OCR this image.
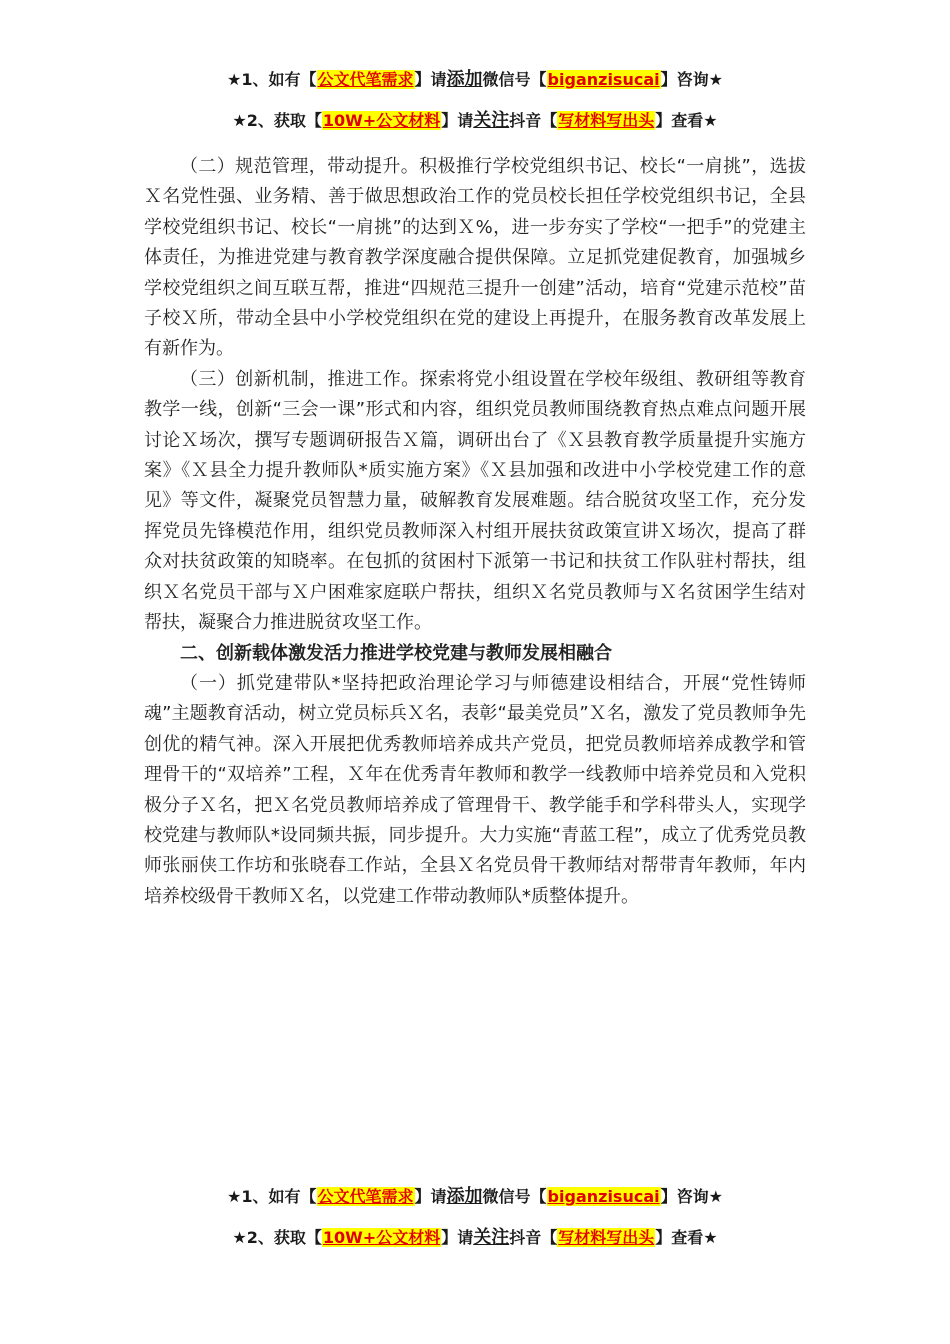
★1、如有【公文代笔需求】请添加微信号【biganzisucai】咨询★
★2、获取【10W+公文材料】请关注抖音【写材料写出头】查看★

（二）规范管理，带动提升。积极推行学校党组织书记、校长“一肩挑”，选拔Ｘ名党性强、业务精、善于做思想政治工作的党员校长担任学校党组织书记，全县学校党组织书记、校长“一肩挑”的达到Ｘ%，进一步夯实了学校“一把手”的党建主体责任，为推进党建与教育教学深度融合提供保障。立足抓党建促教育，加强城乡学校党组织之间互联互帮，推进“四规范三提升一创建”活动，培育“党建示范校”苗子校Ｘ所，带动全县中小学校党组织在党的建设上再提升，在服务教育改革发展上有新作为。

（三）创新机制，推进工作。探索将党小组设置在学校年级组、教研组等教育教学一线，创新“三会一课”形式和内容，组织党员教师围绕教育热点难点问题开展讨论Ｘ场次，撰写专题调研报告Ｘ篇，调研出台了《Ｘ县教育教学质量提升实施方案》《Ｘ县全力提升教师队*质实施方案》《Ｘ县加强和改进中小学校党建工作的意见》等文件，凝聚党员智慧力量，破解教育发展难题。结合脱贫攻坚工作，充分发挥党员先锋模范作用，组织党员教师深入村组开展扶贫政策宣讲Ｘ场次，提高了群众对扶贫政策的知晓率。在包抓的贫困村下派第一书记和扶贫工作队驻村帮扶，组织Ｘ名党员干部与Ｘ户困难家庭联户帮扶，组织Ｘ名党员教师与Ｘ名贫困学生结对帮扶，凝聚合力推进脱贫攻坚工作。

二、创新载体激发活力推进学校党建与教师发展相融合

（一）抓党建带队*坚持把政治理论学习与师德建设相结合，开展“党性铸师魂”主题教育活动，树立党员标兵Ｘ名，表彰“最美党员”Ｘ名，激发了党员教师争先创优的精气神。深入开展把优秀教师培养成共产党员，把党员教师培养成教学和管理骨干的“双培养”工程，Ｘ年在优秀青年教师和教学一线教师中培养党员和入党积极分子Ｘ名，把Ｘ名党员教师培养成了管理骨干、教学能手和学科带头人，实现学校党建与教师队*设同频共振，同步提升。大力实施“青蓝工程”，成立了优秀党员教师张丽侠工作坊和张晓春工作站，全县Ｘ名党员骨干教师结对帮带青年教师，年内培养校级骨干教师Ｘ名，以党建工作带动教师队*质整体提升。

★1、如有【公文代笔需求】请添加微信号【biganzisucai】咨询★
★2、获取【10W+公文材料】请关注抖音【写材料写出头】查看★
